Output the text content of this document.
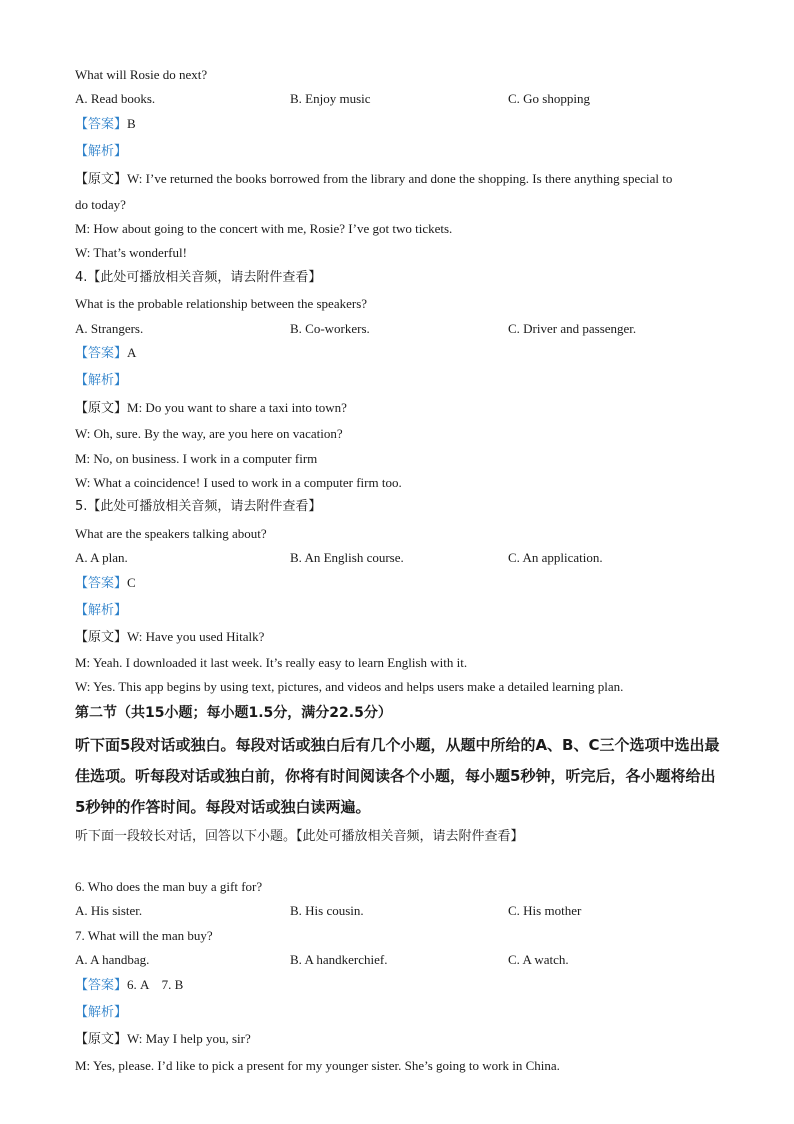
What will Rosie do next?
A. Read books.	B. Enjoy music	C. Go shopping
【答案】B
【解析】
【原文】W: I’ve returned the books borrowed from the library and done the shopping. Is there anything special to
do today?
M: How about going to the concert with me, Rosie? I’ve got two tickets.
W: That’s wonderful!
4.【此处可播放相关音频，请去附件查看】
What is the probable relationship between the speakers?
A. Strangers.	B. Co-workers.	C. Driver and passenger.
【答案】A
【解析】
【原文】M: Do you want to share a taxi into town?
W: Oh, sure. By the way, are you here on vacation?
M: No, on business. I work in a computer firm
W: What a coincidence! I used to work in a computer firm too.
5.【此处可播放相关音频，请去附件查看】
What are the speakers talking about?
A. A plan.	B. An English course.	C. An application.
【答案】C
【解析】
【原文】W: Have you used Hitalk?
M: Yeah. I downloaded it last week. It’s really easy to learn English with it.
W: Yes. This app begins by using text, pictures, and videos and helps users make a detailed learning plan.
第二节（共15小题；每小题1.5分，满分22.5分）
听下面5段对话或独白。每段对话或独白后有几个小题，从题中所给的A、B、C三个选项中选出最佳选项。听每段对话或独白前，你将有时间阅读各个小题，每小题5秒钟，听完后，各小题将给出5秒钟的作答时间。每段对话或独白读两遍。
听下面一段较长对话，回答以下小题。【此处可播放相关音频，请去附件查看】
6. Who does the man buy a gift for?
A. His sister.	B. His cousin.	C. His mother
7. What will the man buy?
A. A handbag.	B. A handkerchief.	C. A watch.
【答案】6. A    7. B
【解析】
【原文】W: May I help you, sir?
M: Yes, please. I’d like to pick a present for my younger sister. She’s going to work in China.
